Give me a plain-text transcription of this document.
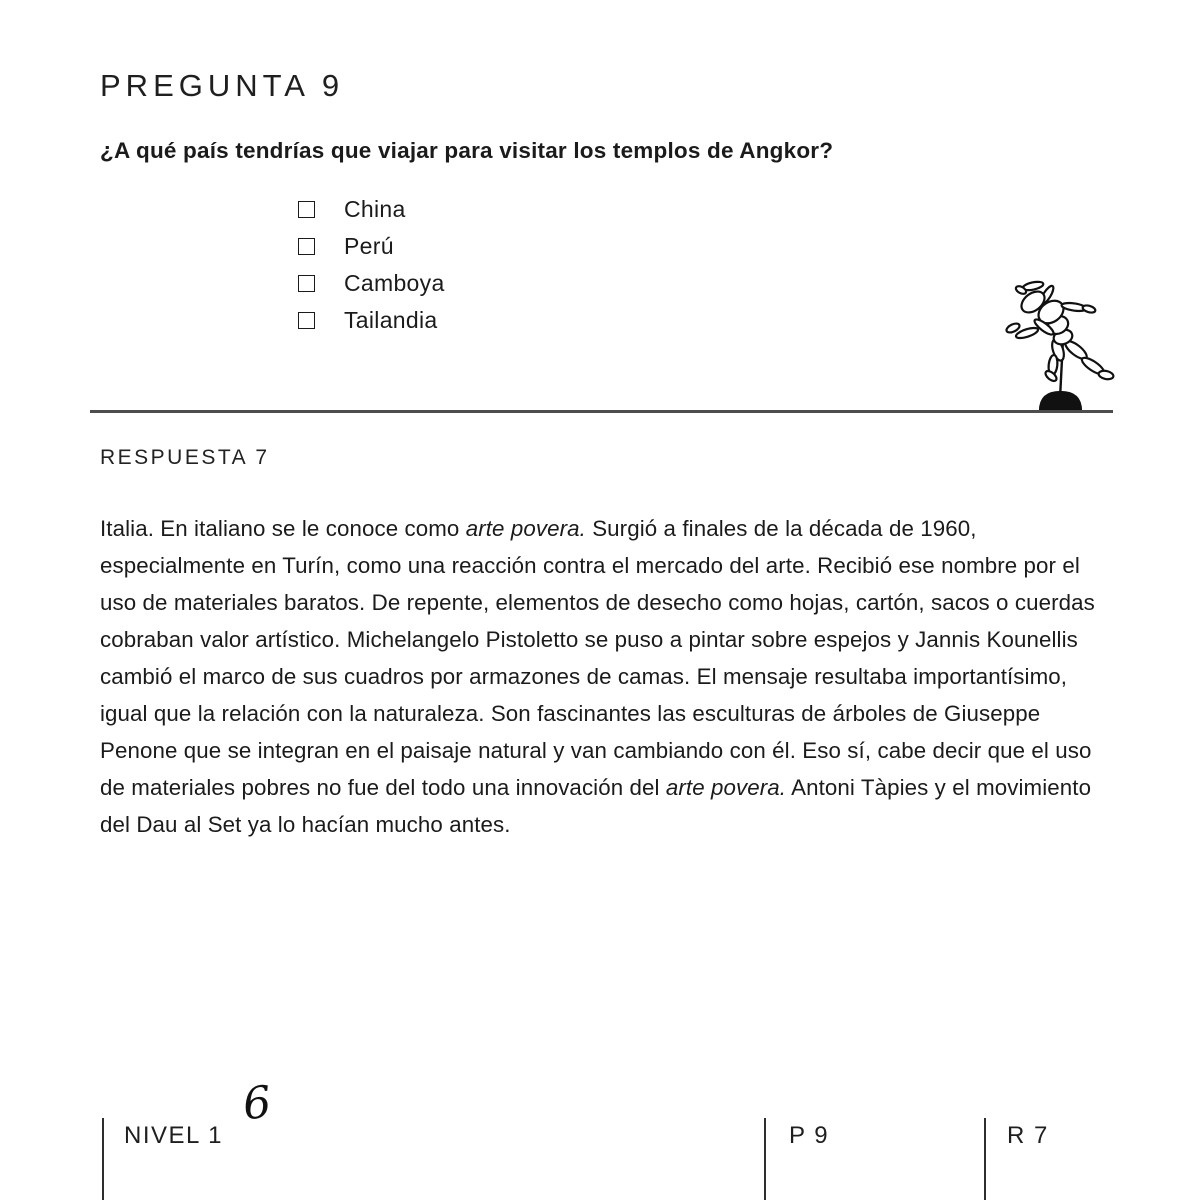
PREGUNTA 9
¿A qué país tendrías que viajar para visitar los templos de Angkor?
China
Perú
Camboya
Tailandia
RESPUESTA 7

Italia. En italiano se le conoce como arte povera. Surgió a finales de la década de 1960, especialmente en Turín, como una reacción contra el mercado del arte. Recibió ese nombre por el uso de materiales baratos. De repente, elementos de desecho como hojas, cartón, sacos o cuerdas cobraban valor artístico. Michelangelo Pistoletto se puso a pintar sobre espejos y Jannis Kounellis cambió el marco de sus cuadros por armazones de camas. El mensaje resultaba importantísimo, igual que la relación con la naturaleza. Son fascinantes las esculturas de árboles de Giuseppe Penone que se integran en el paisaje natural y van cambiando con él. Eso sí, cabe decir que el uso de materiales pobres no fue del todo una innovación del arte povera. Antoni Tàpies y el movimiento del Dau al Set ya lo hacían mucho antes.

NIVEL 1
6
P 9	R 7
